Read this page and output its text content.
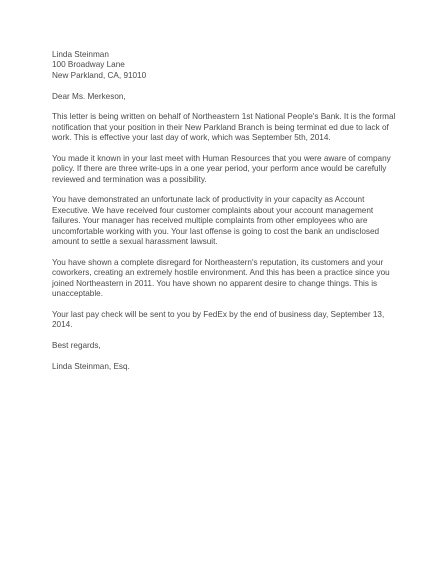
Linda Steinman
100 Broadway Lane
New Parkland, CA, 91010
Dear Ms. Merkeson,
This letter is being written on behalf of Northeastern 1st National People's Bank. It is the formal
notification that your position in their New Parkland Branch is being terminat ed due to lack of
work. This is effective your last day of work, which was September 5th, 2014.
You made it known in your last meet with Human Resources that you were aware of company
policy. If there are three write-ups in a one year period, your perform ance would be carefully
reviewed and termination was a possibility.
You have demonstrated an unfortunate lack of productivity in your capacity as Account
Executive. We have received four customer complaints about your account management
failures. Your manager has received multiple complaints from other employees who are
uncomfortable working with you. Your last offense is going to cost the bank an undisclosed
amount to settle a sexual harassment lawsuit.
You have shown a complete disregard for Northeastern's reputation, its customers and your
coworkers, creating an extremely hostile environment. And this has been a practice since you
joined Northeastern in 2011. You have shown no apparent desire to change things. This is
unacceptable.
Your last pay check will be sent to you by FedEx by the end of business day, September 13,
2014.
Best regards,
Linda Steinman, Esq.
